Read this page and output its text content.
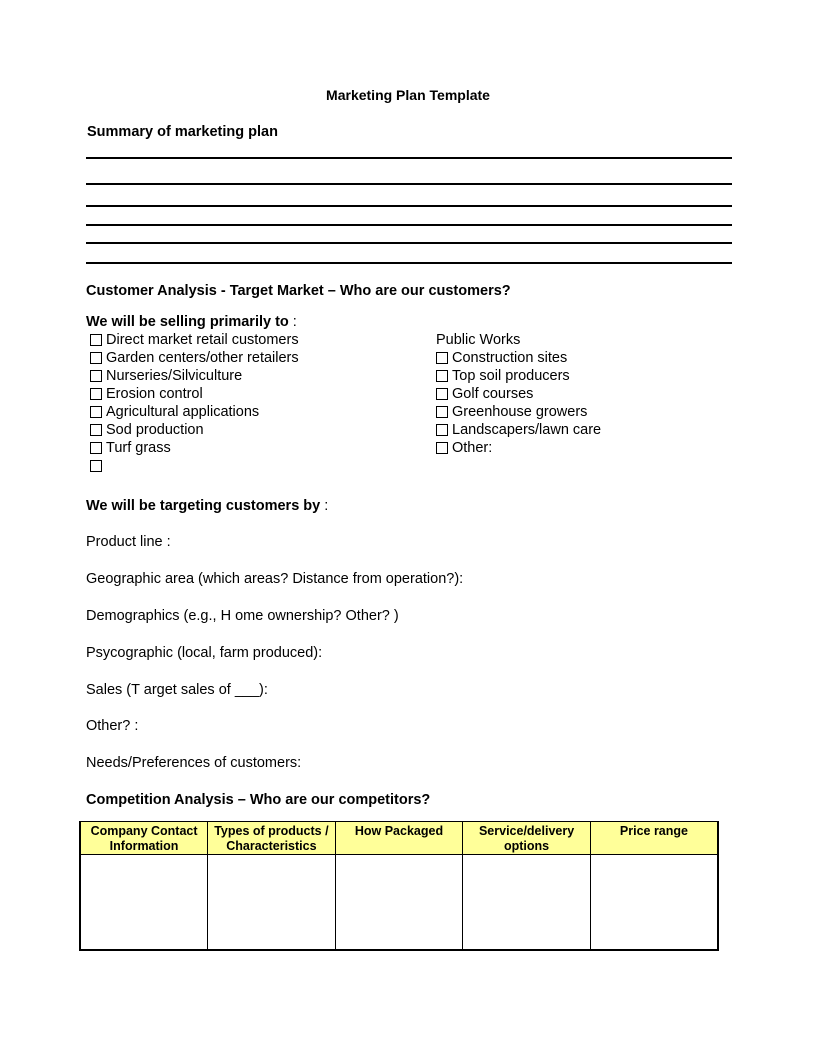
Marketing Plan Template
Summary of marketing plan
Customer Analysis - Target Market – Who are our customers?
We will be selling primarily to :
Direct market retail customers
Garden centers/other retailers
Nurseries/Silviculture
Erosion control
Agricultural applications
Sod production
Turf grass
Public Works
Construction sites
Top soil producers
Golf courses
Greenhouse growers
Landscapers/lawn care
Other:
We will be targeting customers by :
Product line :
Geographic area (which areas? Distance from operation?):
Demographics (e.g., H ome ownership? Other? )
Psycographic (local, farm produced):
Sales (T arget sales of ___):
Other? :
Needs/Preferences of customers:
Competition Analysis – Who are our competitors?
Company Contact Information	Types of products / Characteristics	How Packaged	Service/delivery options	Price range
